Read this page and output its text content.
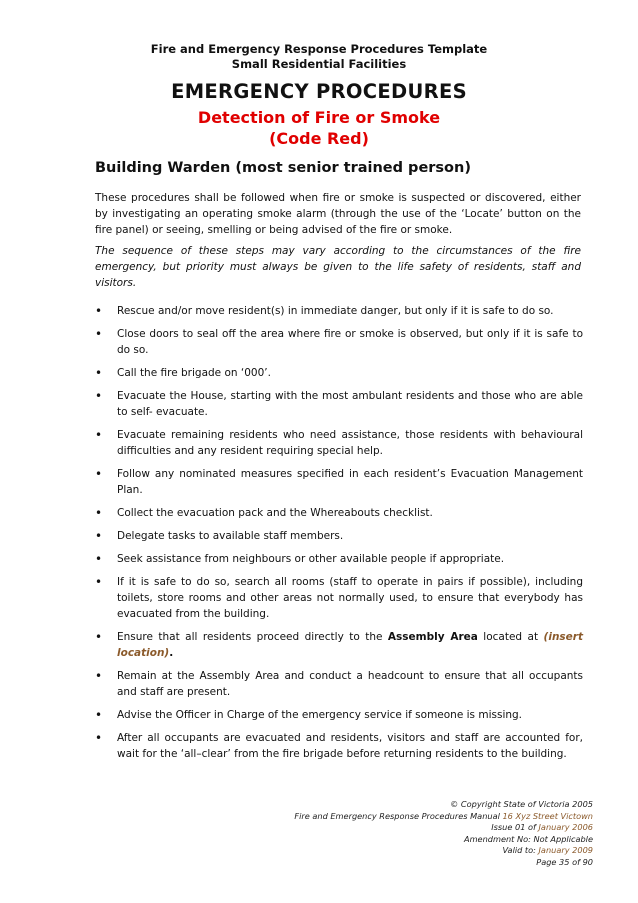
Fire and Emergency Response Procedures Template
Small Residential Facilities
EMERGENCY PROCEDURES
Detection of Fire or Smoke
(Code Red)
Building Warden (most senior trained person)

These procedures shall be followed when fire or smoke is suspected or discovered, either by investigating an operating smoke alarm (through the use of the ‘Locate’ button on the fire panel) or seeing, smelling or being advised of the fire or smoke.

The sequence of these steps may vary according to the circumstances of the fire emergency, but priority must always be given to the life safety of residents, staff and visitors.

•	Rescue and/or move resident(s) in immediate danger, but only if it is safe to do so.
•	Close doors to seal off the area where fire or smoke is observed, but only if it is safe to do so.
•	Call the fire brigade on ‘000’.
•	Evacuate the House, starting with the most ambulant residents and those who are able to self- evacuate.
•	Evacuate remaining residents who need assistance, those residents with behavioural difficulties and any resident requiring special help.
•	Follow any nominated measures specified in each resident’s Evacuation Management Plan.
•	Collect the evacuation pack and the Whereabouts checklist.
•	Delegate tasks to available staff members.
•	Seek assistance from neighbours or other available people if appropriate.
•	If it is safe to do so, search all rooms (staff to operate in pairs if possible), including toilets, store rooms and other areas not normally used, to ensure that everybody has evacuated from the building.
•	Ensure that all residents proceed directly to the Assembly Area located at (insert location).
•	Remain at the Assembly Area and conduct a headcount to ensure that all occupants and staff are present.
•	Advise the Officer in Charge of the emergency service if someone is missing.
•	After all occupants are evacuated and residents, visitors and staff are accounted for, wait for the ‘all–clear’ from the fire brigade before returning residents to the building.
© Copyright State of Victoria 2005
Fire and Emergency Response Procedures Manual 16 Xyz Street Victown
Issue 01 of January 2006
Amendment No: Not Applicable
Valid to: January 2009
Page 35 of 90
